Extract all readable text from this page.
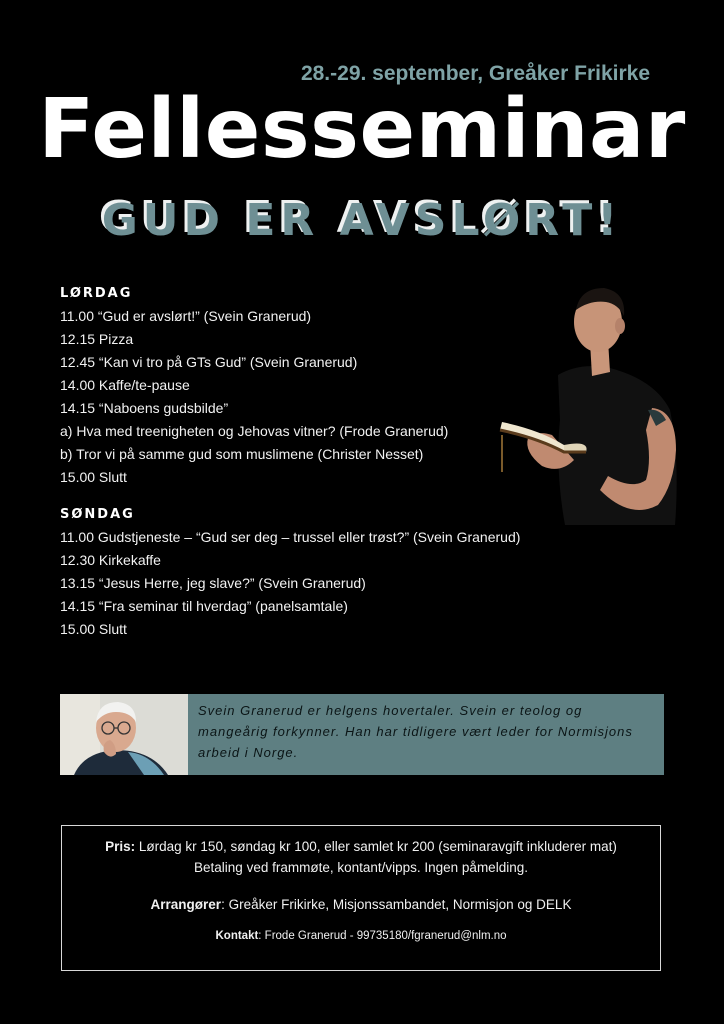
28.-29. september, Greåker Frikirke
Fellesseminar
GUD ER AVSLØRT!
LØRDAG
11.00 “Gud er avslørt!” (Svein Granerud)
12.15 Pizza
12.45 “Kan vi tro på GTs Gud” (Svein Granerud)
14.00 Kaffe/te-pause
14.15 “Naboens gudsbilde”
a) Hva med treenigheten og Jehovas vitner? (Frode Granerud)
b) Tror vi på samme gud som muslimene (Christer Nesset)
15.00 Slutt
SØNDAG
11.00 Gudstjeneste – “Gud ser deg – trussel eller trøst?” (Svein Granerud)
12.30 Kirkekaffe
13.15 “Jesus Herre, jeg slave?” (Svein Granerud)
14.15 “Fra seminar til hverdag” (panelsamtale)
15.00 Slutt
Svein Granerud er helgens hovertaler. Svein er teolog og mangeårig forkynner. Han har tidligere vært leder for Normisjons arbeid i Norge.
Pris: Lørdag kr 150, søndag kr 100, eller samlet kr 200 (seminaravgift inkluderer mat)
Betaling ved frammøte, kontant/vipps. Ingen påmelding.
Arrangører: Greåker Frikirke, Misjonssambandet, Normisjon og DELK
Kontakt: Frode Granerud - 99735180/fgranerud@nlm.no
